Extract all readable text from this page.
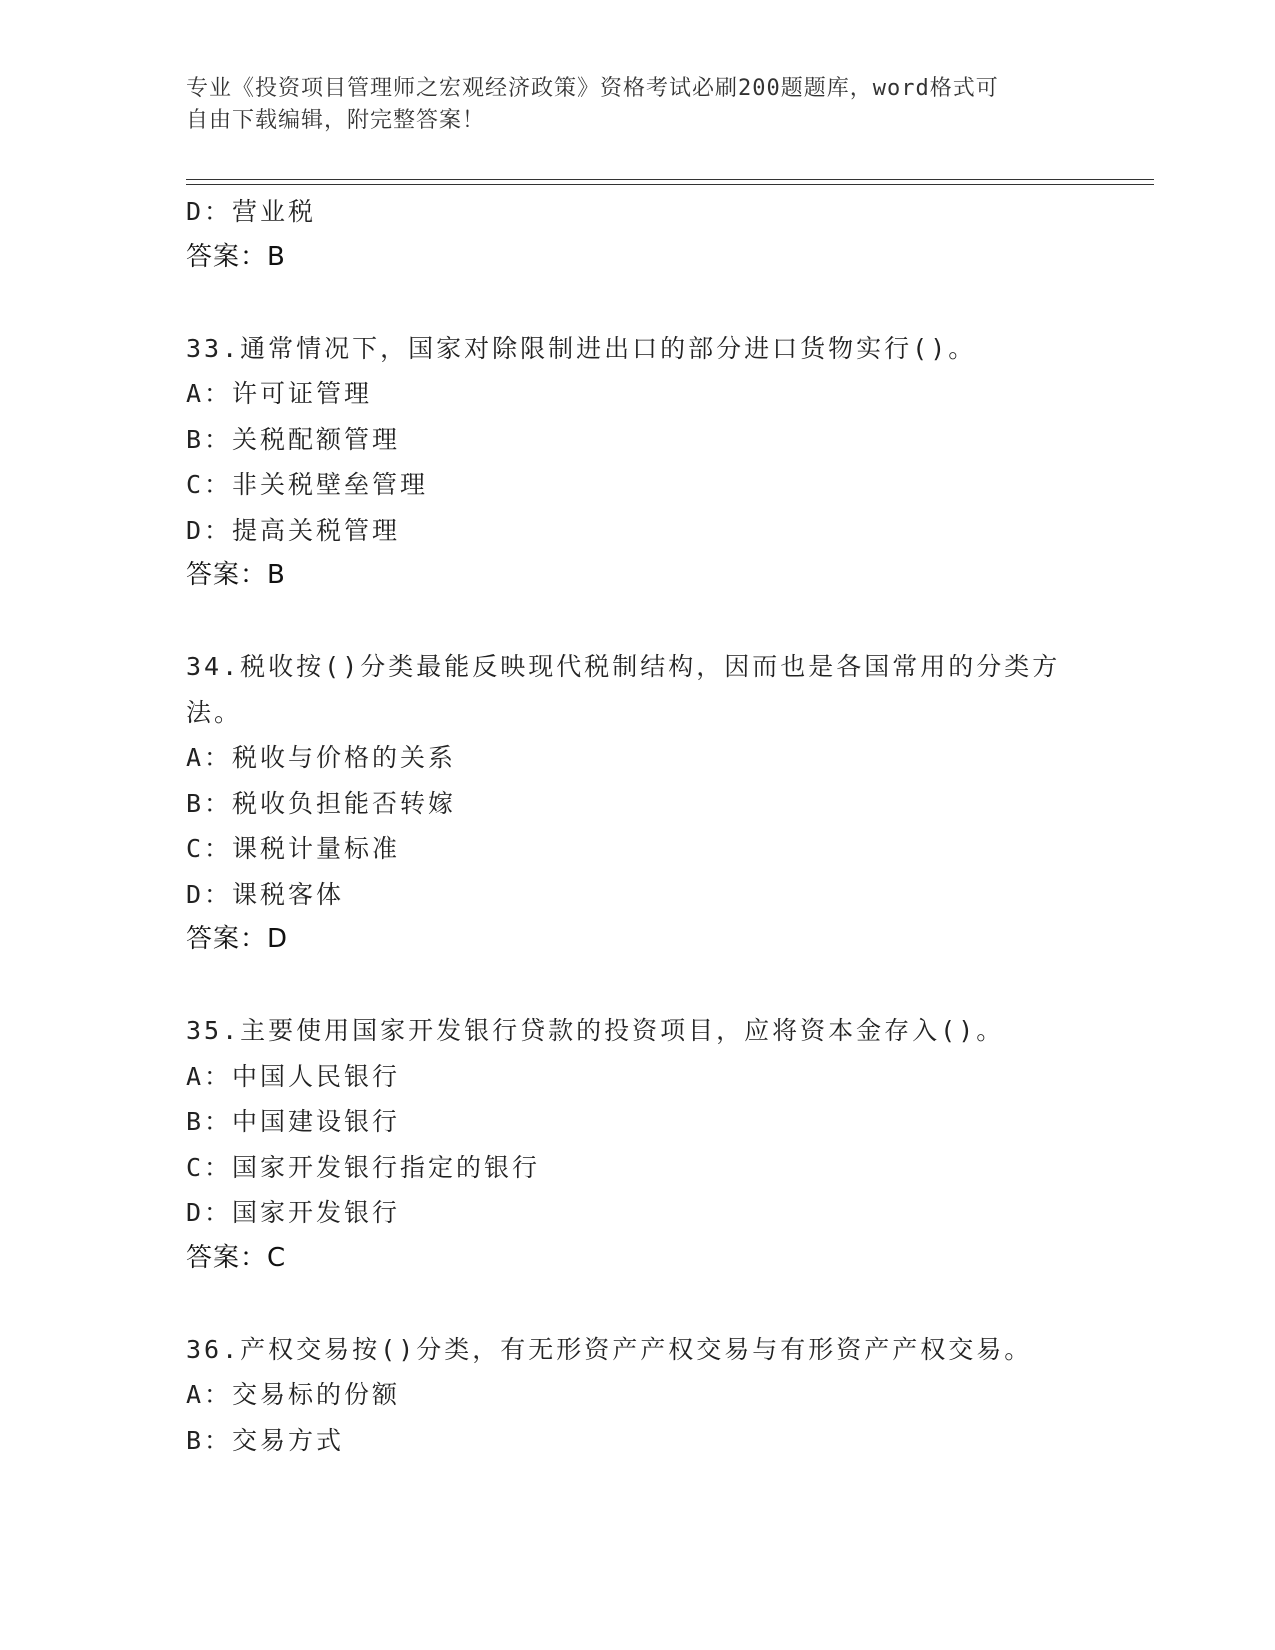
专业《投资项目管理师之宏观经济政策》资格考试必刷200题题库，word格式可
自由下载编辑，附完整答案！
D：营业税
答案：B
33.通常情况下，国家对除限制进出口的部分进口货物实行()。
A：许可证管理
B：关税配额管理
C：非关税壁垒管理
D：提高关税管理
答案：B
34.税收按()分类最能反映现代税制结构，因而也是各国常用的分类方
法。
A：税收与价格的关系
B：税收负担能否转嫁
C：课税计量标准
D：课税客体
答案：D
35.主要使用国家开发银行贷款的投资项目，应将资本金存入()。
A：中国人民银行
B：中国建设银行
C：国家开发银行指定的银行
D：国家开发银行
答案：C
36.产权交易按()分类，有无形资产产权交易与有形资产产权交易。
A：交易标的份额
B：交易方式
